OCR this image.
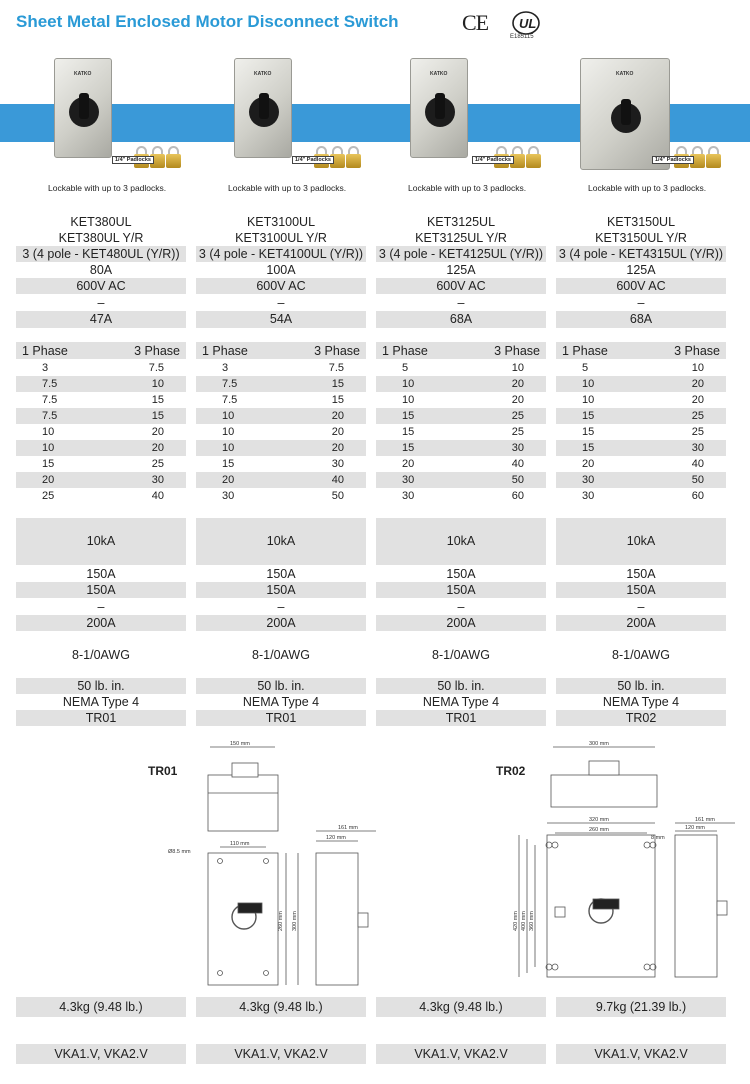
Sheet Metal Enclosed Motor Disconnect Switch	CE UL
E185115
KATKO
1/4" Padlocks
Lockable with up to 3 padlocks.
KET380UL
KET380UL Y/R
3 (4 pole - KET480UL (Y/R))
80A
600V AC
–
47A
1 Phase	3 Phase
3	7.5
7.5	10
7.5	15
7.5	15
10	20
10	20
15	25
20	30
25	40
10kA
150A
150A
–
200A
8-1/0AWG
50 lb. in.
NEMA Type 4
TR01
4.3kg (9.48 lb.)
VKA1.V, VKA2.V
KATKO
1/4" Padlocks
Lockable with up to 3 padlocks.
KET3100UL
KET3100UL Y/R
3 (4 pole - KET4100UL (Y/R))
100A
600V AC
–
54A
1 Phase	3 Phase
3	7.5
7.5	15
7.5	15
10	20
10	20
10	20
15	30
20	40
30	50
10kA
150A
150A
–
200A
8-1/0AWG
50 lb. in.
NEMA Type 4
TR01
4.3kg (9.48 lb.)
VKA1.V, VKA2.V
KATKO
1/4" Padlocks
Lockable with up to 3 padlocks.
KET3125UL
KET3125UL Y/R
3 (4 pole - KET4125UL (Y/R))
125A
600V AC
–
68A
1 Phase	3 Phase
5	10
10	20
10	20
15	25
15	25
15	30
20	40
30	50
30	60
10kA
150A
150A
–
200A
8-1/0AWG
50 lb. in.
NEMA Type 4
TR01
4.3kg (9.48 lb.)
VKA1.V, VKA2.V
KATKO
1/4" Padlocks
Lockable with up to 3 padlocks.
KET3150UL
KET3150UL Y/R
3 (4 pole - KET4315UL (Y/R))
125A
600V AC
–
68A
1 Phase	3 Phase
5	10
10	20
10	20
15	25
15	25
15	30
20	40
30	50
30	60
10kA
150A
150A
–
200A
8-1/0AWG
50 lb. in.
NEMA Type 4
TR02
9.7kg (21.39 lb.)
VKA1.V, VKA2.V
TR01	TR02
150 mm
Ø8.5 mm
110 mm
161 mm
120 mm
260 mm 300 mm
300 mm
320 mm
260 mm
8 mm
161 mm
120 mm
420 mm 400 mm 360 mm
